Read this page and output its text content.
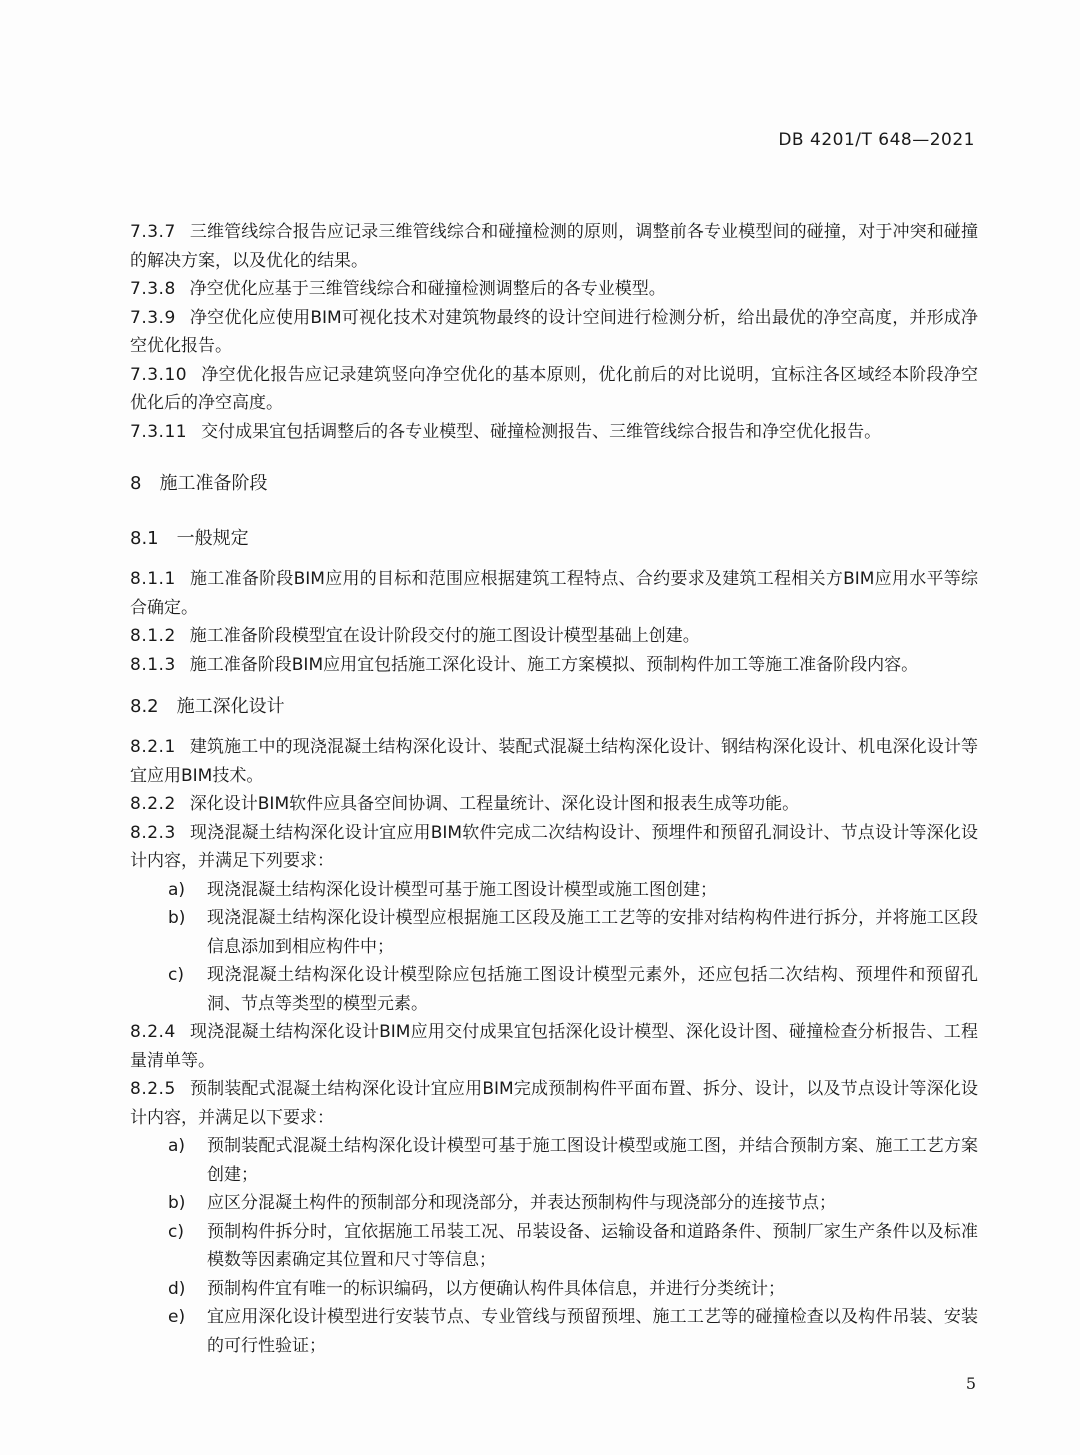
DB 4201/T 648—2021

7.3.7 三维管线综合报告应记录三维管线综合和碰撞检测的原则，调整前各专业模型间的碰撞，对于冲突和碰撞的解决方案，以及优化的结果。

7.3.8 净空优化应基于三维管线综合和碰撞检测调整后的各专业模型。

7.3.9 净空优化应使用BIM可视化技术对建筑物最终的设计空间进行检测分析，给出最优的净空高度，并形成净空优化报告。

7.3.10 净空优化报告应记录建筑竖向净空优化的基本原则，优化前后的对比说明，宜标注各区域经本阶段净空优化后的净空高度。

7.3.11 交付成果宜包括调整后的各专业模型、碰撞检测报告、三维管线综合报告和净空优化报告。

8 施工准备阶段

8.1 一般规定

8.1.1 施工准备阶段BIM应用的目标和范围应根据建筑工程特点、合约要求及建筑工程相关方BIM应用水平等综合确定。

8.1.2 施工准备阶段模型宜在设计阶段交付的施工图设计模型基础上创建。

8.1.3 施工准备阶段BIM应用宜包括施工深化设计、施工方案模拟、预制构件加工等施工准备阶段内容。

8.2 施工深化设计

8.2.1 建筑施工中的现浇混凝土结构深化设计、装配式混凝土结构深化设计、钢结构深化设计、机电深化设计等宜应用BIM技术。

8.2.2 深化设计BIM软件应具备空间协调、工程量统计、深化设计图和报表生成等功能。

8.2.3 现浇混凝土结构深化设计宜应用BIM软件完成二次结构设计、预埋件和预留孔洞设计、节点设计等深化设计内容，并满足下列要求：

a) 现浇混凝土结构深化设计模型可基于施工图设计模型或施工图创建；
b) 现浇混凝土结构深化设计模型应根据施工区段及施工工艺等的安排对结构构件进行拆分，并将施工区段信息添加到相应构件中；
c) 现浇混凝土结构深化设计模型除应包括施工图设计模型元素外，还应包括二次结构、预埋件和预留孔洞、节点等类型的模型元素。

8.2.4 现浇混凝土结构深化设计BIM应用交付成果宜包括深化设计模型、深化设计图、碰撞检查分析报告、工程量清单等。

8.2.5 预制装配式混凝土结构深化设计宜应用BIM完成预制构件平面布置、拆分、设计，以及节点设计等深化设计内容，并满足以下要求：

a) 预制装配式混凝土结构深化设计模型可基于施工图设计模型或施工图，并结合预制方案、施工工艺方案创建；
b) 应区分混凝土构件的预制部分和现浇部分，并表达预制构件与现浇部分的连接节点；
c) 预制构件拆分时，宜依据施工吊装工况、吊装设备、运输设备和道路条件、预制厂家生产条件以及标准模数等因素确定其位置和尺寸等信息；
d) 预制构件宜有唯一的标识编码，以方便确认构件具体信息，并进行分类统计；
e) 宜应用深化设计模型进行安装节点、专业管线与预留预埋、施工工艺等的碰撞检查以及构件吊装、安装的可行性验证；
5
